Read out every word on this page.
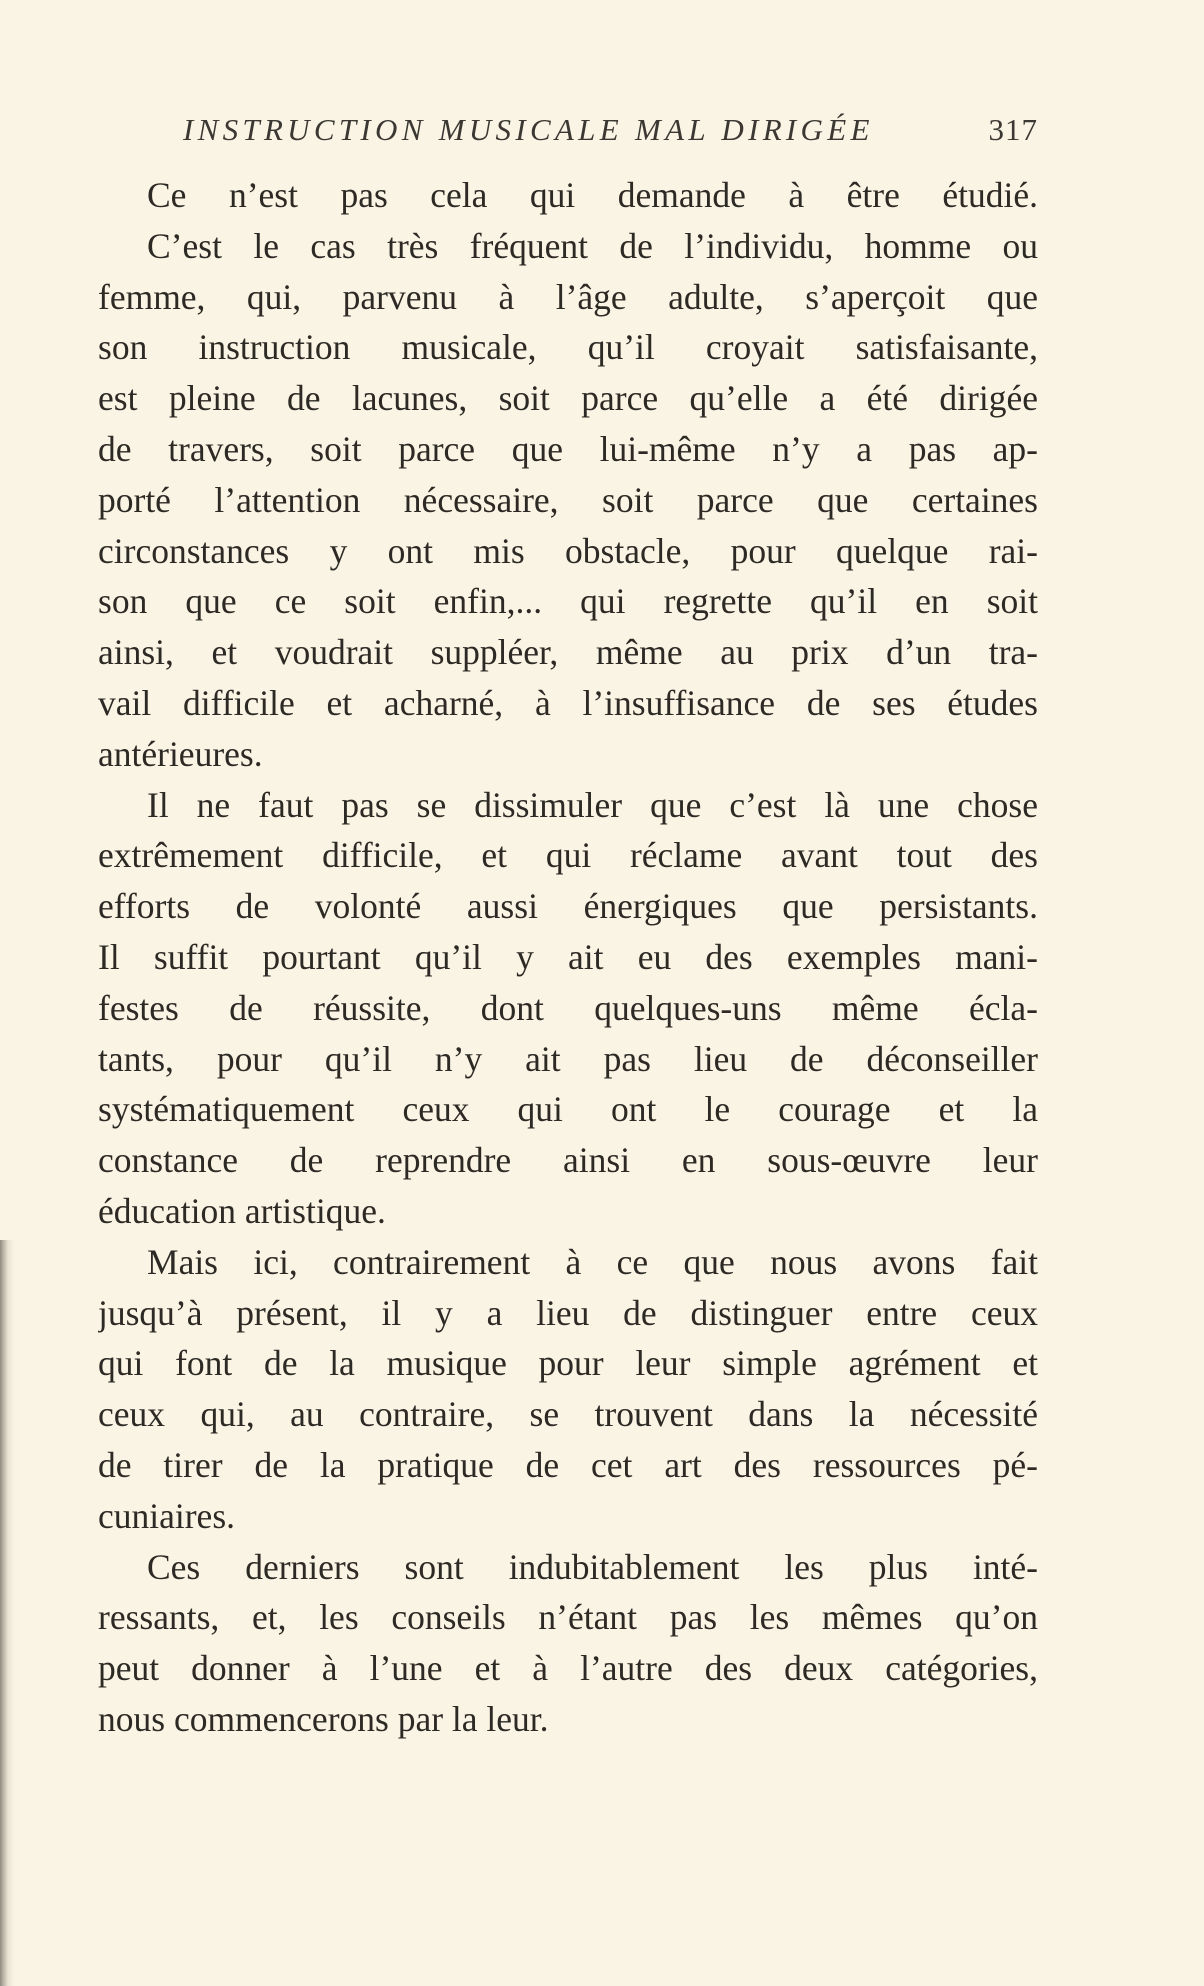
INSTRUCTION MUSICALE MAL DIRIGÉE	317
Ce n’est pas cela qui demande à être étudié.
C’est le cas très fréquent de l’individu, homme ou
femme, qui, parvenu à l’âge adulte, s’aperçoit que
son instruction musicale, qu’il croyait satisfaisante,
est pleine de lacunes, soit parce qu’elle a été dirigée
de travers, soit parce que lui-même n’y a pas ap-
porté l’attention nécessaire, soit parce que certaines
circonstances y ont mis obstacle, pour quelque rai-
son que ce soit enfin,... qui regrette qu’il en soit
ainsi, et voudrait suppléer, même au prix d’un tra-
vail difficile et acharné, à l’insuffisance de ses études
antérieures.
Il ne faut pas se dissimuler que c’est là une chose
extrêmement difficile, et qui réclame avant tout des
efforts de volonté aussi énergiques que persistants.
Il suffit pourtant qu’il y ait eu des exemples mani-
festes de réussite, dont quelques-uns même écla-
tants, pour qu’il n’y ait pas lieu de déconseiller
systématiquement ceux qui ont le courage et la
constance de reprendre ainsi en sous-œuvre leur
éducation artistique.
Mais ici, contrairement à ce que nous avons fait
jusqu’à présent, il y a lieu de distinguer entre ceux
qui font de la musique pour leur simple agrément et
ceux qui, au contraire, se trouvent dans la nécessité
de tirer de la pratique de cet art des ressources pé-
cuniaires.
Ces derniers sont indubitablement les plus inté-
ressants, et, les conseils n’étant pas les mêmes qu’on
peut donner à l’une et à l’autre des deux catégories,
nous commencerons par la leur.
